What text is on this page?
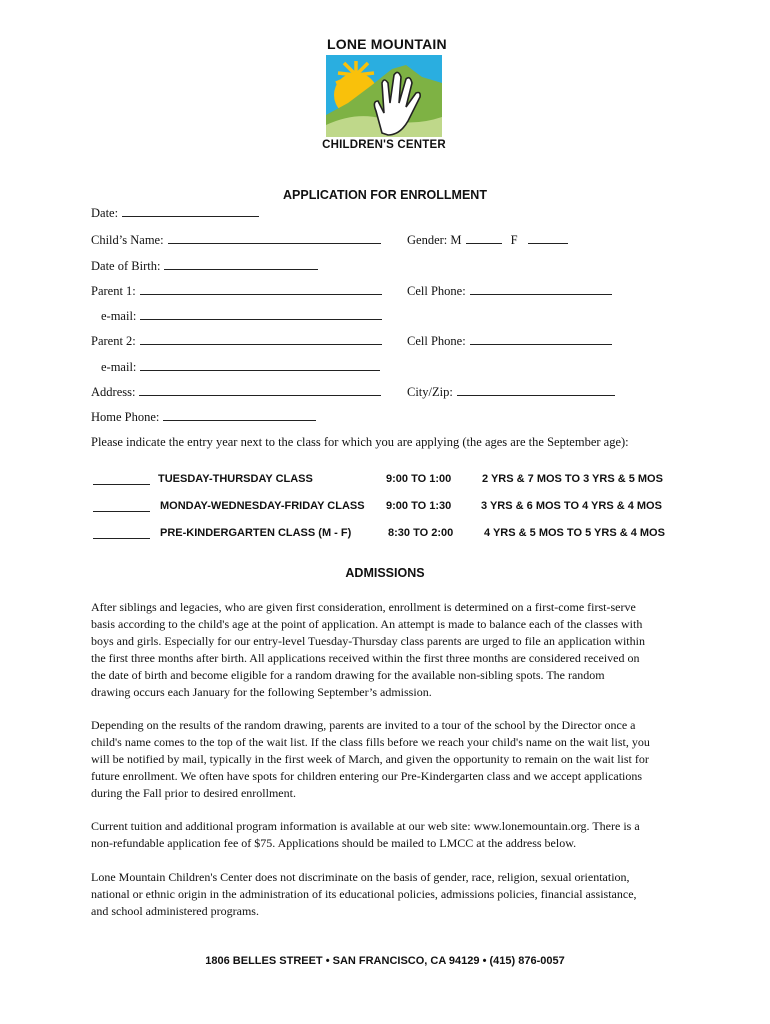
LONE MOUNTAIN
CHILDREN'S CENTER
APPLICATION FOR ENROLLMENT
Date:
Child’s Name:	Gender: M	F
Date of Birth:
Parent 1:	Cell Phone:
e-mail:
Parent 2:	Cell Phone:
e-mail:
Address:	City/Zip:
Home Phone:
Please indicate the entry year next to the class for which you are applying (the ages are the September age):
TUESDAY-THURSDAY CLASS	9:00 TO 1:00	2 YRS & 7 MOS TO 3 YRS & 5 MOS
MONDAY-WEDNESDAY-FRIDAY CLASS 9:00 TO 1:30	3 YRS & 6 MOS TO 4 YRS & 4 MOS
PRE-KINDERGARTEN CLASS (M - F)	8:30 TO 2:00	4 YRS & 5 MOS TO 5 YRS & 4 MOS
ADMISSIONS

After siblings and legacies, who are given first consideration, enrollment is determined on a first-come first-serve

basis according to the child's age at the point of application. An attempt is made to balance each of the classes with

boys and girls. Especially for our entry-level Tuesday-Thursday class parents are urged to file an application within

the first three months after birth. All applications received within the first three months are considered received on

the date of birth and become eligible for a random drawing for the available non-sibling spots. The random

drawing occurs each January for the following September’s admission.

Depending on the results of the random drawing, parents are invited to a tour of the school by the Director once a

child's name comes to the top of the wait list. If the class fills before we reach your child's name on the wait list, you

will be notified by mail, typically in the first week of March, and given the opportunity to remain on the wait list for

future enrollment. We often have spots for children entering our Pre-Kindergarten class and we accept applications

during the Fall prior to desired enrollment.

Current tuition and additional program information is available at our web site: www.lonemountain.org. There is a

non-refundable application fee of $75. Applications should be mailed to LMCC at the address below.

Lone Mountain Children's Center does not discriminate on the basis of gender, race, religion, sexual orientation,

national or ethnic origin in the administration of its educational policies, admissions policies, financial assistance,

and school administered programs.

1806 BELLES STREET • SAN FRANCISCO, CA 94129 • (415) 876-0057
